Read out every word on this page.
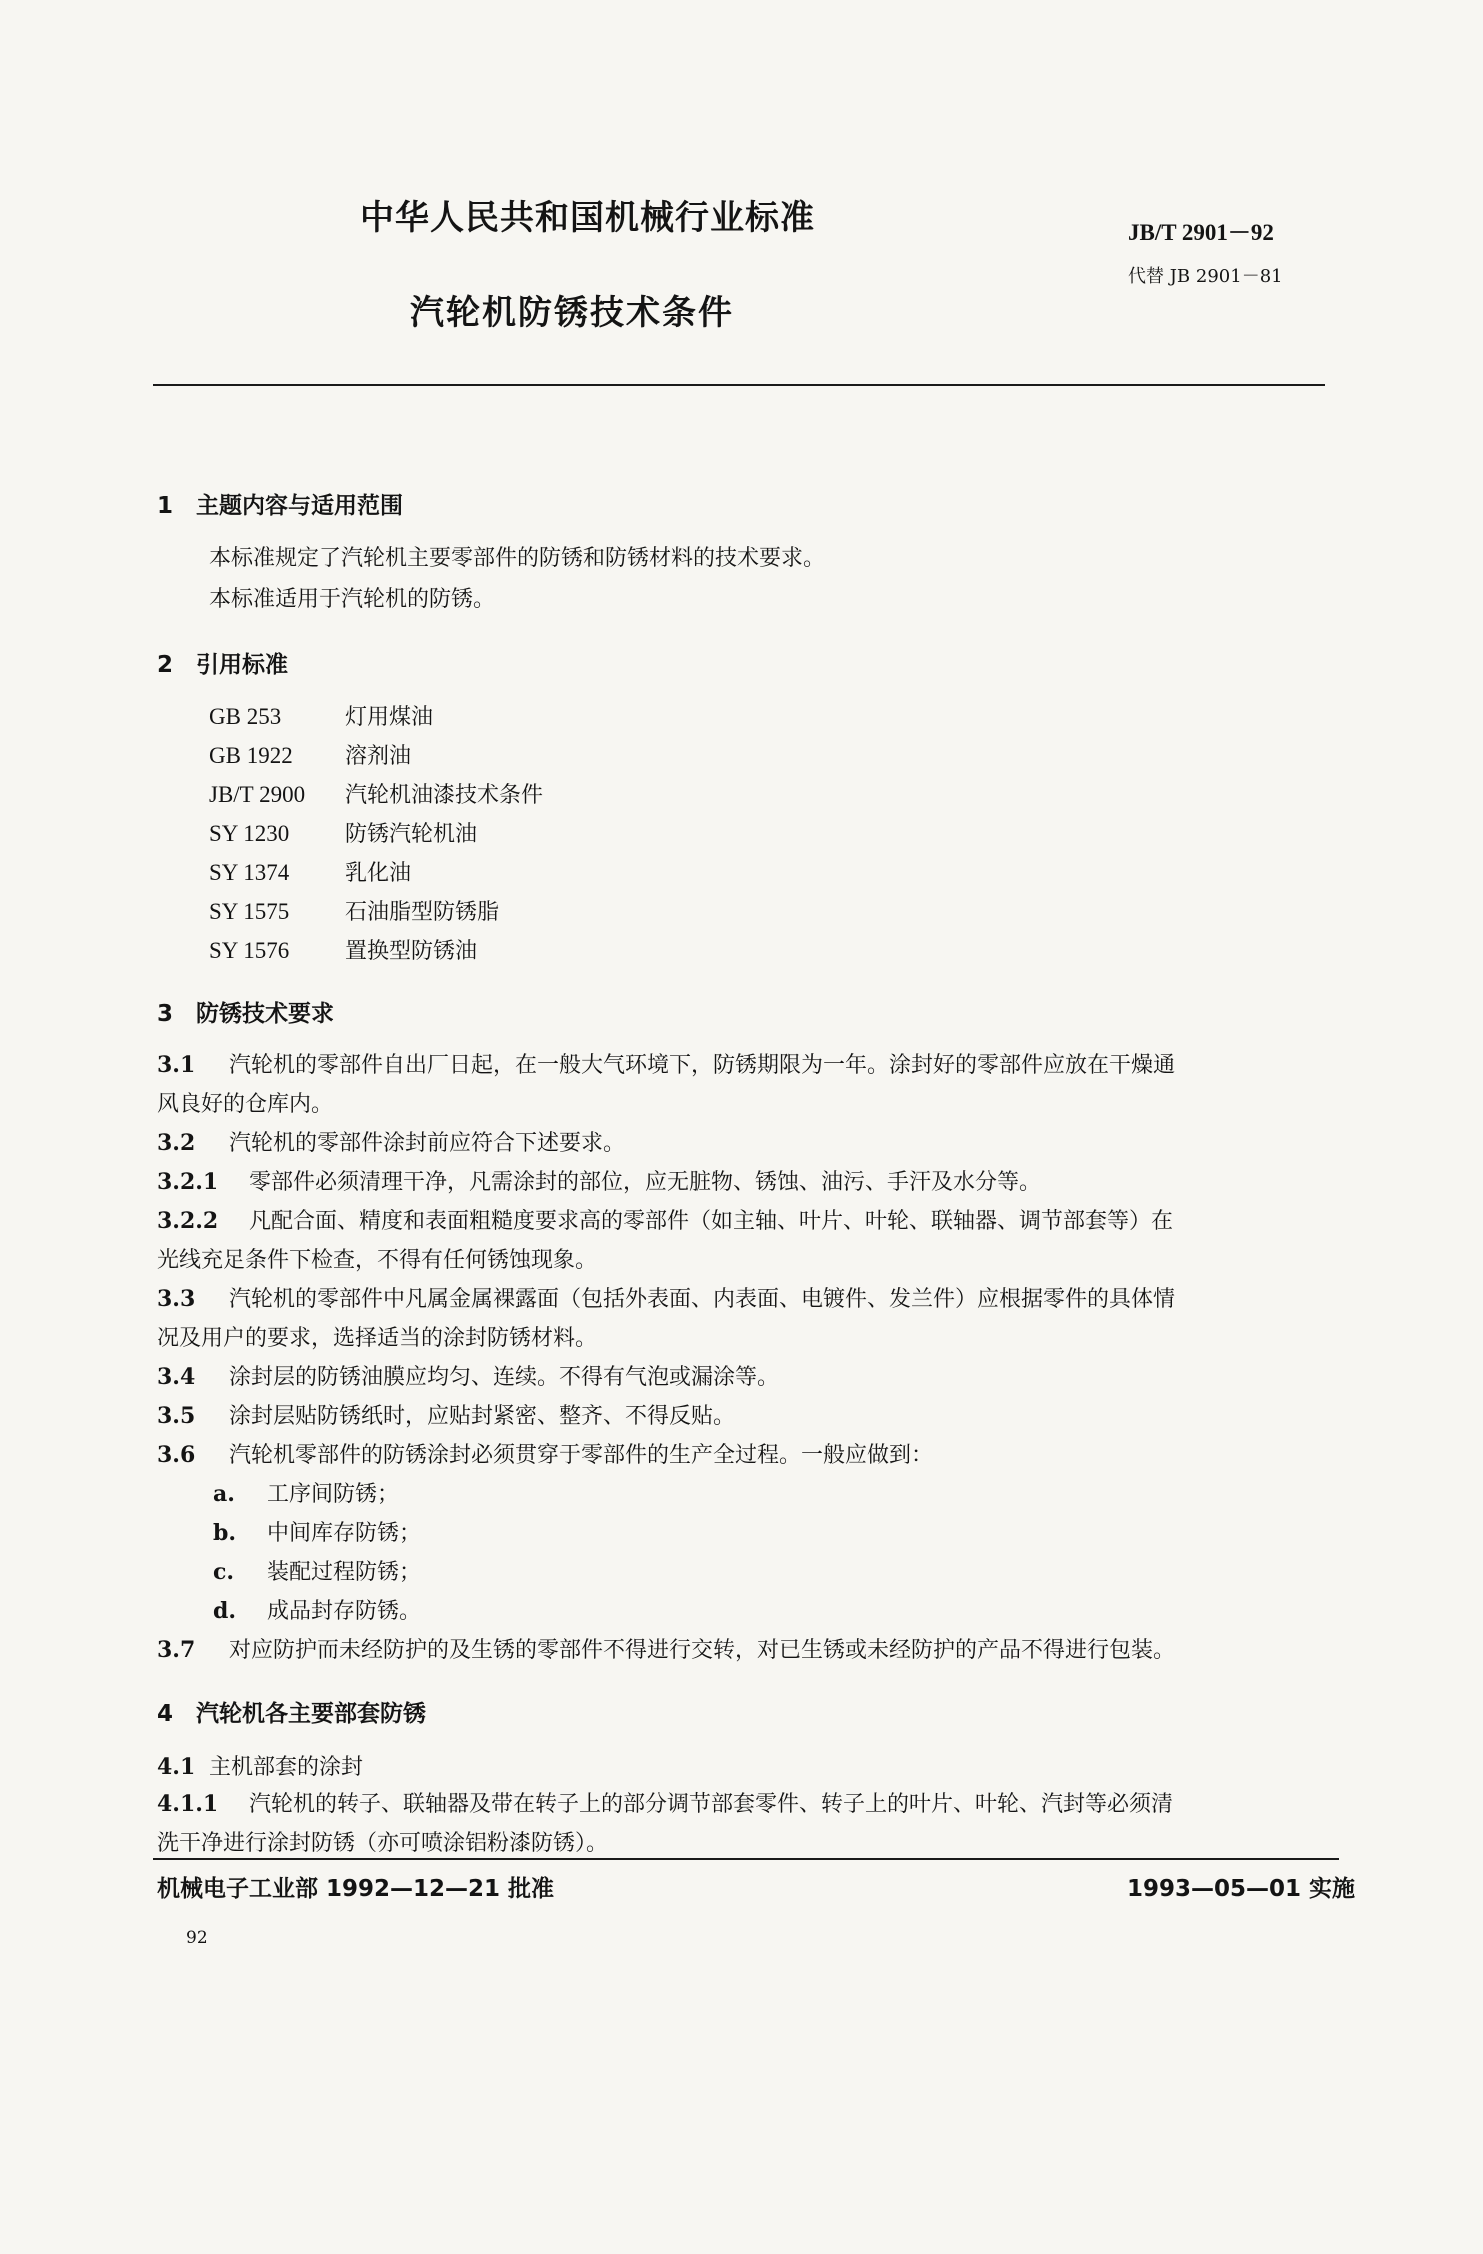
中华人民共和国机械行业标准
汽轮机防锈技术条件
JB/T 2901－92
代替 JB 2901－81
1　主题内容与适用范围
本标准规定了汽轮机主要零部件的防锈和防锈材料的技术要求。
本标准适用于汽轮机的防锈。
2　引用标准
GB 253	灯用煤油
GB 1922 溶剂油
JB/T 2900 汽轮机油漆技术条件
SY 1230	防锈汽轮机油
SY 1374	乳化油
SY 1575	石油脂型防锈脂
SY 1576	置换型防锈油
3　防锈技术要求
3.1 汽轮机的零部件自出厂日起，在一般大气环境下，防锈期限为一年。涂封好的零部件应放在干燥通
风良好的仓库内。
3.2 汽轮机的零部件涂封前应符合下述要求。
3.2.1 零部件必须清理干净，凡需涂封的部位，应无脏物、锈蚀、油污、手汗及水分等。
3.2.2 凡配合面、精度和表面粗糙度要求高的零部件（如主轴、叶片、叶轮、联轴器、调节部套等）在
光线充足条件下检查，不得有任何锈蚀现象。
3.3 汽轮机的零部件中凡属金属裸露面（包括外表面、内表面、电镀件、发兰件）应根据零件的具体情
况及用户的要求，选择适当的涂封防锈材料。
3.4 涂封层的防锈油膜应均匀、连续。不得有气泡或漏涂等。
3.5 涂封层贴防锈纸时，应贴封紧密、整齐、不得反贴。
3.6 汽轮机零部件的防锈涂封必须贯穿于零部件的生产全过程。一般应做到：
a. 工序间防锈；
b. 中间库存防锈；
c. 装配过程防锈；
d. 成品封存防锈。
3.7 对应防护而未经防护的及生锈的零部件不得进行交转，对已生锈或未经防护的产品不得进行包装。
4　汽轮机各主要部套防锈
4.1 主机部套的涂封
4.1.1 汽轮机的转子、联轴器及带在转子上的部分调节部套零件、转子上的叶片、叶轮、汽封等必须清
洗干净进行涂封防锈（亦可喷涂铝粉漆防锈）。
机械电子工业部 1992—12—21 批准	1993—05—01 实施
92
